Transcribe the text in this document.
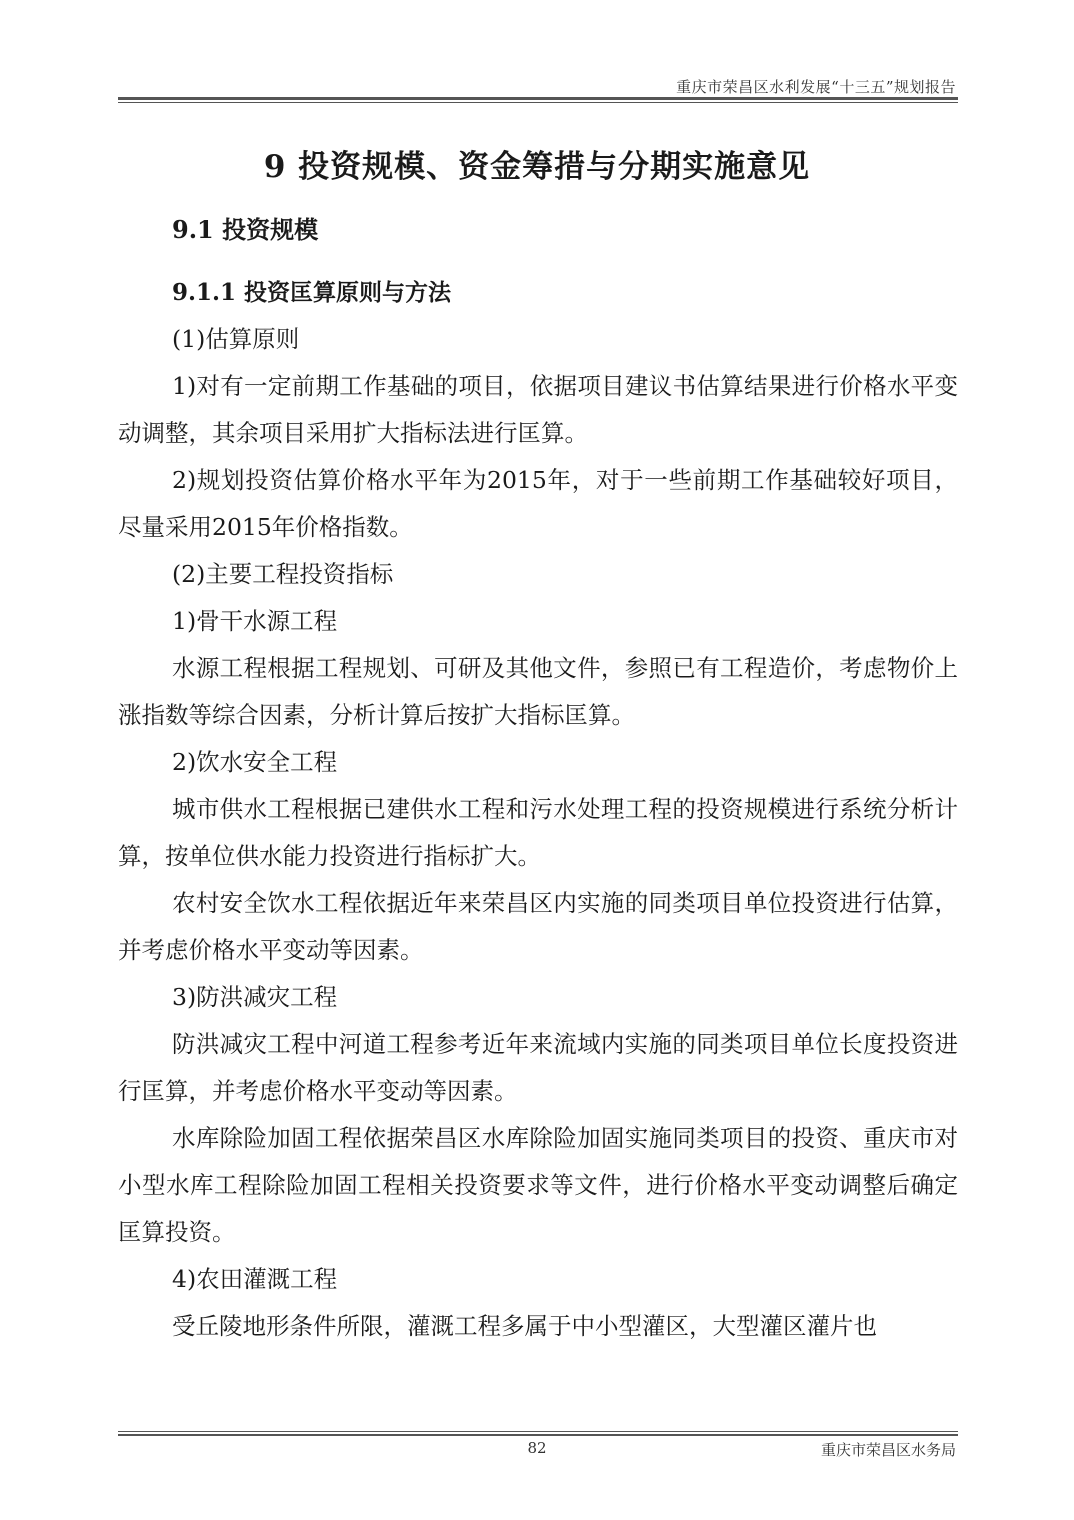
重庆市荣昌区水利发展“十三五”规划报告
9 投资规模、资金筹措与分期实施意见
9.1 投资规模
9.1.1 投资匡算原则与方法

(1)估算原则

1)对有一定前期工作基础的项目，依据项目建议书估算结果进行价格水平变动调整，其余项目采用扩大指标法进行匡算。

2)规划投资估算价格水平年为2015年，对于一些前期工作基础较好项目，尽量采用2015年价格指数。

(2)主要工程投资指标

1)骨干水源工程

水源工程根据工程规划、可研及其他文件，参照已有工程造价，考虑物价上涨指数等综合因素，分析计算后按扩大指标匡算。

2)饮水安全工程

城市供水工程根据已建供水工程和污水处理工程的投资规模进行系统分析计算，按单位供水能力投资进行指标扩大。

农村安全饮水工程依据近年来荣昌区内实施的同类项目单位投资进行估算，并考虑价格水平变动等因素。

3)防洪减灾工程

防洪减灾工程中河道工程参考近年来流域内实施的同类项目单位长度投资进行匡算，并考虑价格水平变动等因素。

水库除险加固工程依据荣昌区水库除险加固实施同类项目的投资、重庆市对小型水库工程除险加固工程相关投资要求等文件，进行价格水平变动调整后确定匡算投资。

4)农田灌溉工程

受丘陵地形条件所限，灌溉工程多属于中小型灌区，大型灌区灌片也

82	重庆市荣昌区水务局
